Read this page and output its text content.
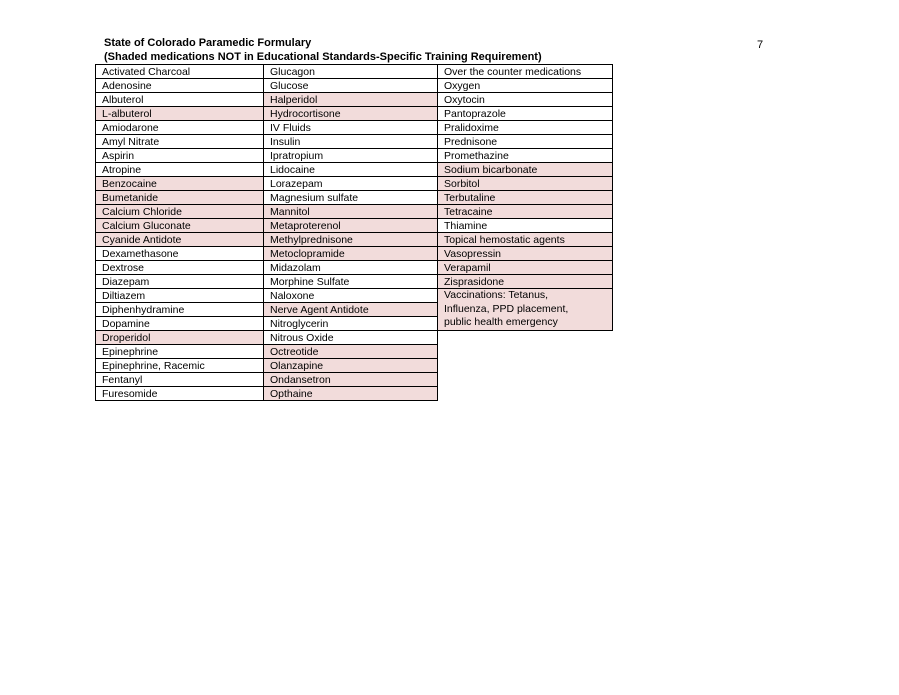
State of Colorado Paramedic Formulary
(Shaded medications NOT in Educational Standards-Specific Training Requirement)
7
Activated Charcoal	Glucagon	Over the counter medications
Adenosine	Glucose	Oxygen
Albuterol	Halperidol	Oxytocin
L-albuterol	Hydrocortisone	Pantoprazole
Amiodarone	IV Fluids	Pralidoxime
Amyl Nitrate	Insulin	Prednisone
Aspirin	Ipratropium	Promethazine
Atropine	Lidocaine	Sodium bicarbonate
Benzocaine	Lorazepam	Sorbitol
Bumetanide	Magnesium sulfate	Terbutaline
Calcium Chloride	Mannitol	Tetracaine
Calcium Gluconate	Metaproterenol	Thiamine
Cyanide Antidote	Methylprednisone	Topical hemostatic agents
Dexamethasone	Metoclopramide	Vasopressin
Dextrose	Midazolam	Verapamil
Diazepam	Morphine Sulfate	Zisprasidone
Diltiazem	Naloxone	Vaccinations: Tetanus,
Influenza, PPD placement,
public health emergency

Diphenhydramine	Nerve Agent Antidote	
Dopamine	Nitroglycerin	
Droperidol	Nitrous Oxide	
Epinephrine	Octreotide	
Epinephrine, Racemic	Olanzapine	
Fentanyl	Ondansetron	
Furesomide	Opthaine	
